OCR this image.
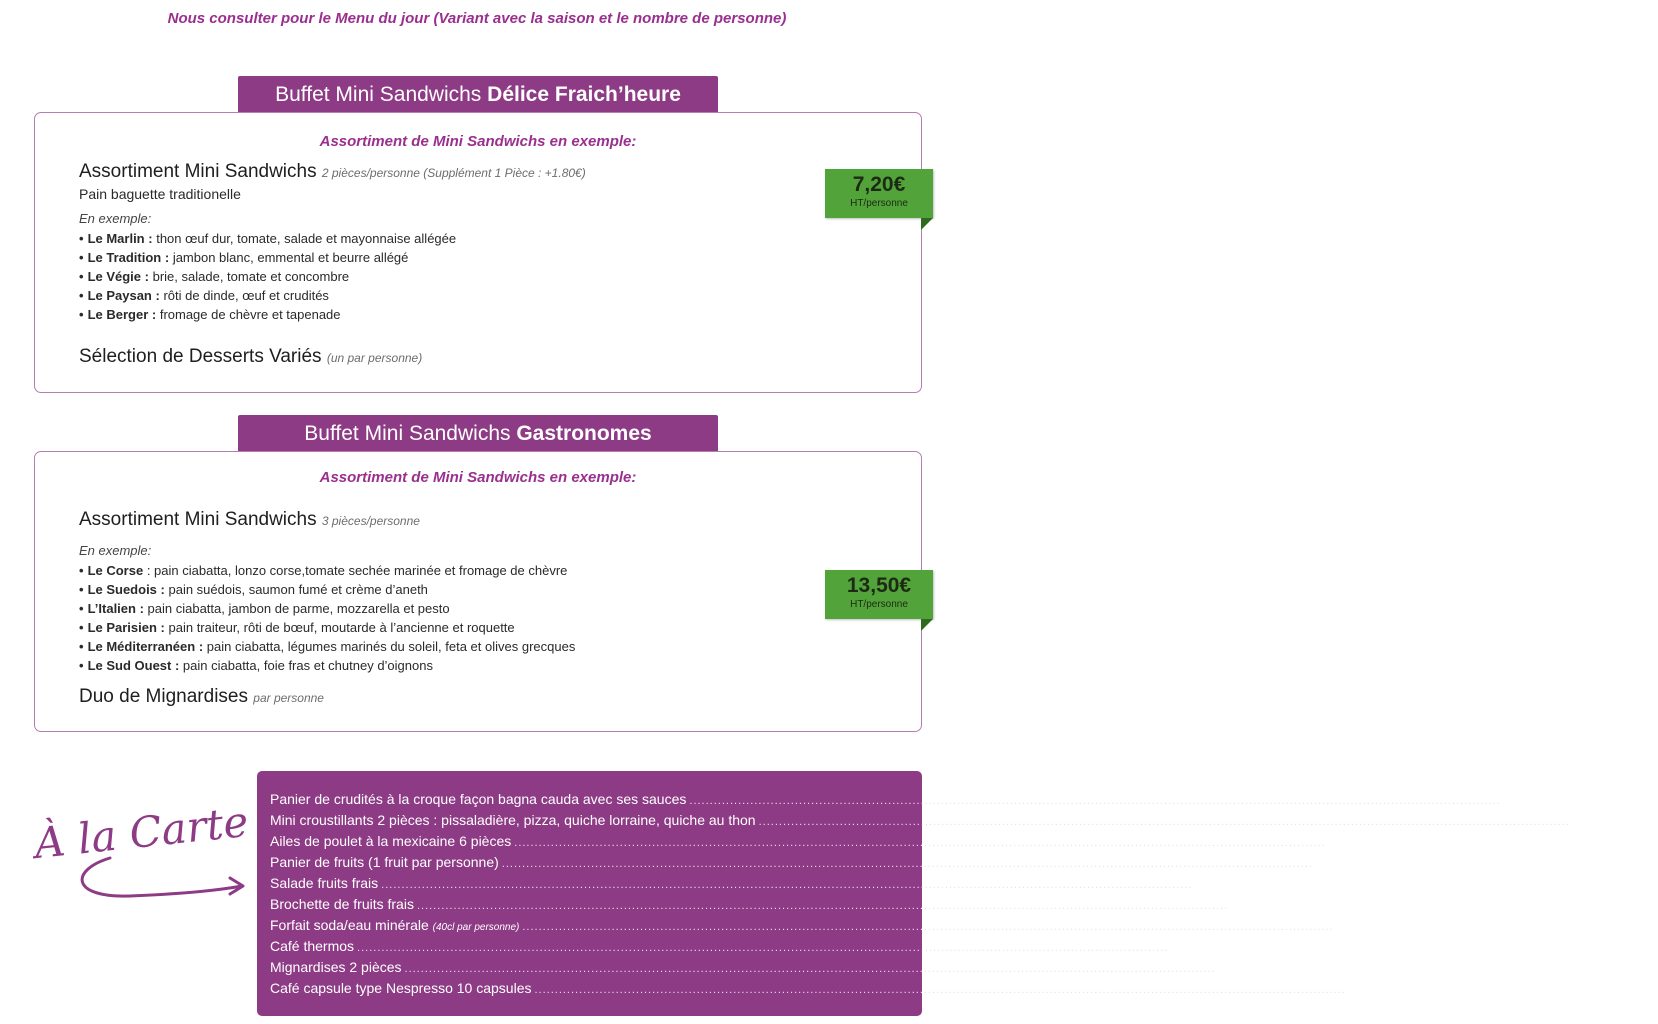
Nous consulter pour le Menu du jour (Variant avec la saison et le nombre de personne)
Buffet Mini Sandwichs Délice Fraich’heure
Assortiment de Mini Sandwichs en exemple:
Assortiment Mini Sandwichs 2 pièces/personne (Supplément 1 Pièce : +1.80€)
Pain baguette traditionelle
En exemple:
• Le Marlin : thon œuf dur, tomate, salade et mayonnaise allégée
• Le Tradition : jambon blanc, emmental et beurre allégé
• Le Végie : brie, salade, tomate et concombre
• Le Paysan : rôti de dinde, œuf et crudités
• Le Berger : fromage de chèvre et tapenade
Sélection de Desserts Variés (un par personne)
7,20€
HT/personne
Buffet Mini Sandwichs Gastronomes
Assortiment de Mini Sandwichs en exemple:
Assortiment Mini Sandwichs 3 pièces/personne
En exemple:
• Le Corse : pain ciabatta, lonzo corse,tomate sechée marinée et fromage de chèvre
• Le Suedois : pain suédois, saumon fumé et crème d’aneth
• L’Italien : pain ciabatta, jambon de parme, mozzarella et pesto
• Le Parisien : pain traiteur, rôti de bœuf, moutarde à l’ancienne et roquette
• Le Méditerranéen : pain ciabatta, légumes marinés du soleil, feta et olives grecques
• Le Sud Ouest : pain ciabatta, foie fras et chutney d’oignons
Duo de Mignardises par personne
13,50€
HT/personne
À la Carte Panier de crudités à la croque façon bagna cauda avec ses sauces ........................................................................................................................................................................................................ 3,20€ HT/personne
Mini croustillants 2 pièces : pissaladière, pizza, quiche lorraine, quiche au thon ........................................................................................................................................................................................................ 2,50€ HT/personne
Ailes de poulet à la mexicaine 6 pièces ........................................................................................................................................................................................................ 5,00€ HT/personne
Panier de fruits (1 fruit par personne) ........................................................................................................................................................................................................ 1,50€ HT/personne
Salade fruits frais ........................................................................................................................................................................................................ 1,40€ HT/personne
Brochette de fruits frais ........................................................................................................................................................................................................ 1,90€ HT/personne
Forfait soda/eau minérale (40cl par personne) ........................................................................................................................................................................................................ 1,50€ HT/personne
Café thermos ........................................................................................................................................................................................................ 1,10€ HT/personne
Mignardises 2 pièces ........................................................................................................................................................................................................ 1,90€ HT/personne
Café capsule type Nespresso 10 capsules ........................................................................................................................................................................................................ 17€ HT
